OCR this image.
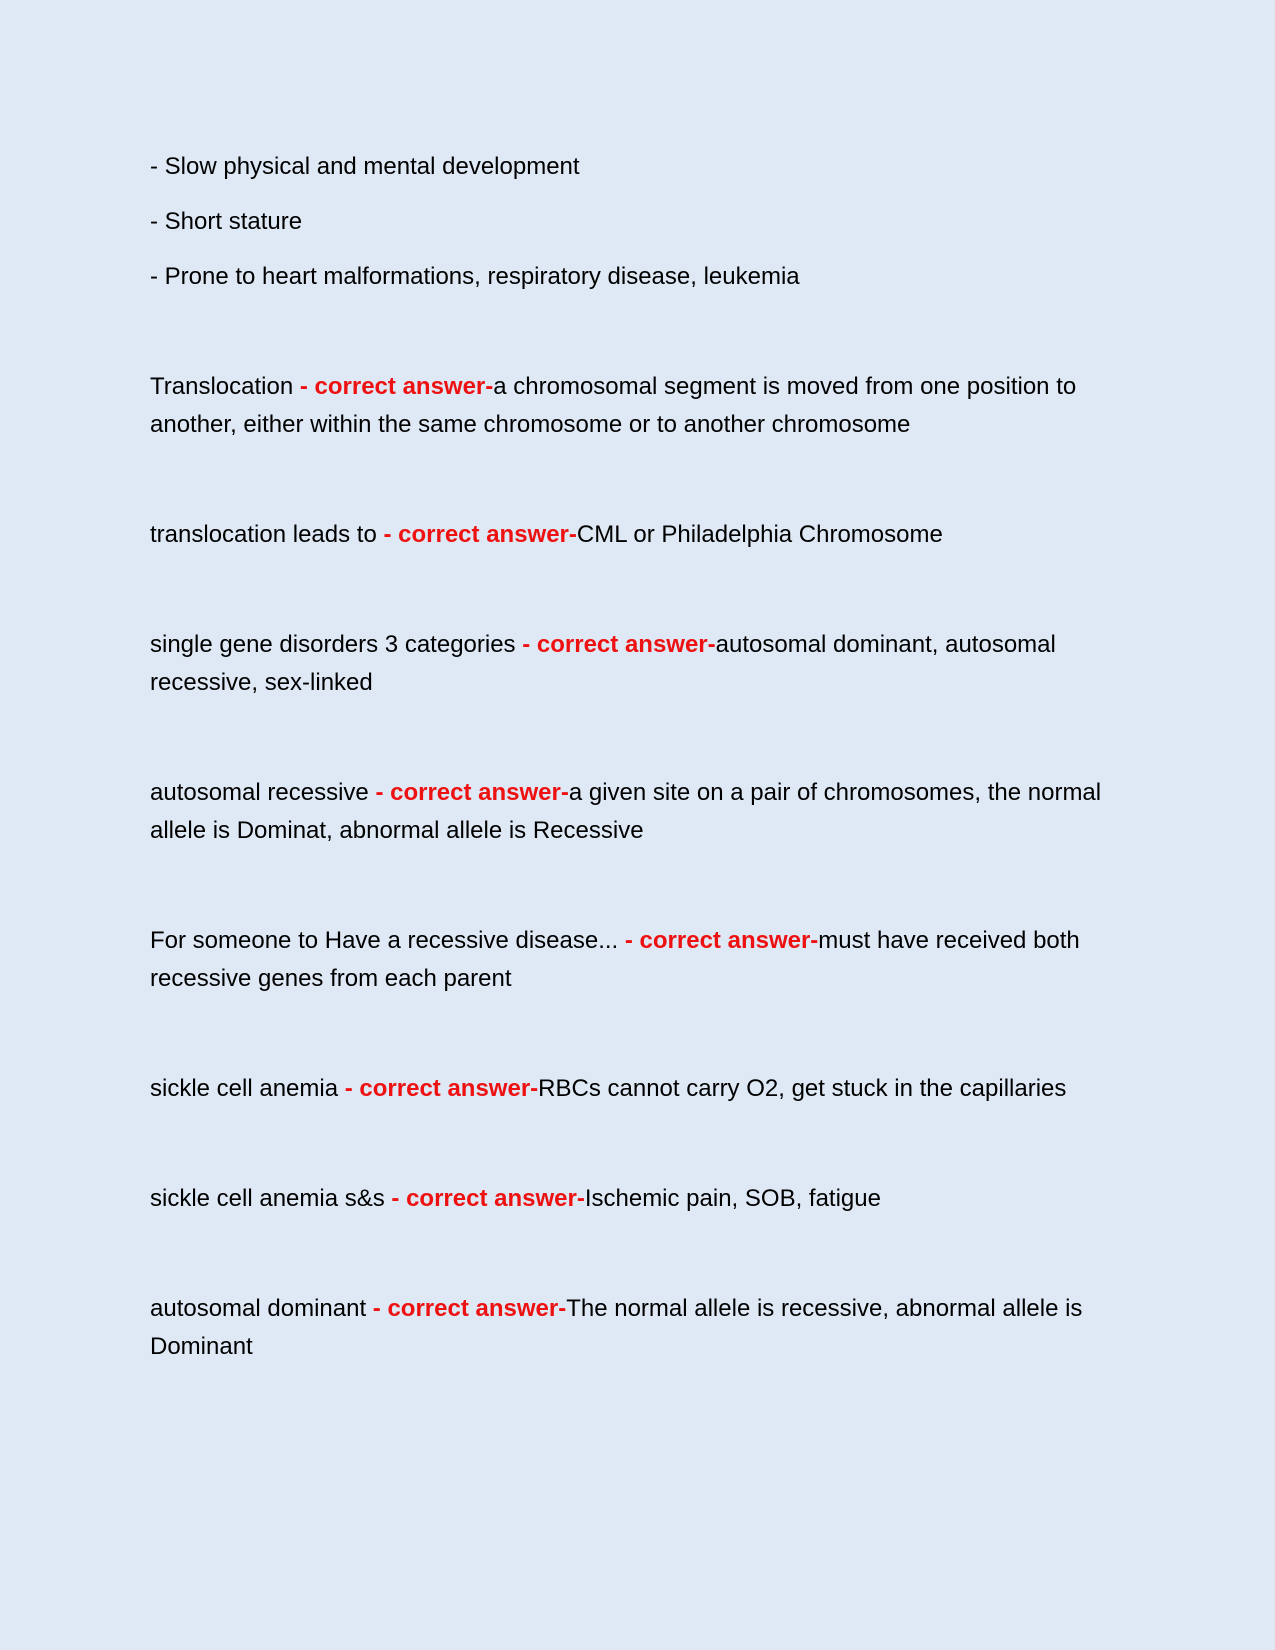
- Slow physical and mental development
- Short stature
- Prone to heart malformations, respiratory disease, leukemia

Translocation - correct answer-a chromosomal segment is moved from one position to another, either within the same chromosome or to another chromosome

translocation leads to - correct answer-CML or Philadelphia Chromosome

single gene disorders 3 categories - correct answer-autosomal dominant, autosomal recessive, sex-linked

autosomal recessive - correct answer-a given site on a pair of chromosomes, the normal allele is Dominat, abnormal allele is Recessive

For someone to Have a recessive disease... - correct answer-must have received both recessive genes from each parent

sickle cell anemia - correct answer-RBCs cannot carry O2, get stuck in the capillaries

sickle cell anemia s&s - correct answer-Ischemic pain, SOB, fatigue

autosomal dominant - correct answer-The normal allele is recessive, abnormal allele is Dominant
